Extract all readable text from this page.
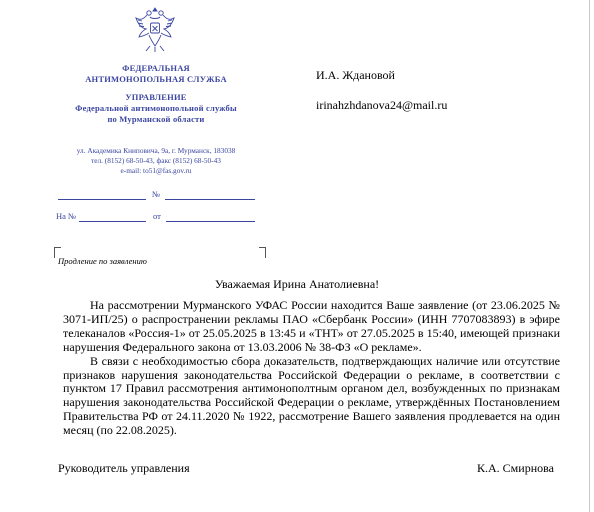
ФЕДЕРАЛЬНАЯ
АНТИМОНОПОЛЬНАЯ СЛУЖБА
УПРАВЛЕНИЕ
Федеральной антимонопольной службы
по Мурманской области
ул. Академика Книповича, 9а, г. Мурманск, 183038
тел. (8152) 68-50-43, факс (8152) 68-50-43
e-mail: to51@fas.gov.ru
№
На №	от
И.А. Ждановой
irinahzhdanova24@mail.ru
Продление по заявлению
Уважаемая Ирина Анатолиевна!

На рассмотрении Мурманского УФАС России находится Ваше заявление (от 23.06.2025 № 3071-ИП/25) о распространении рекламы ПАО «Сбербанк России» (ИНН 7707083893) в эфире телеканалов «Россия-1» от 25.05.2025 в 13:45 и «ТНТ» от 27.05.2025 в 15:40, имеющей признаки нарушения Федерального закона от 13.03.2006 № 38-ФЗ «О рекламе».

В связи с необходимостью сбора доказательств, подтверждающих наличие или отсутствие признаков нарушения законодательства Российской Федерации о рекламе, в соответствии с пунктом 17 Правил рассмотрения антимонополтным органом дел, возбужденных по признакам нарушения законодательства Российской Федерации о рекламе, утверждённых Постановлением Правительства РФ от 24.11.2020 № 1922, рассмотрение Вашего заявления продлевается на один месяц (по 22.08.2025).

Руководитель управления	К.А. Смирнова
